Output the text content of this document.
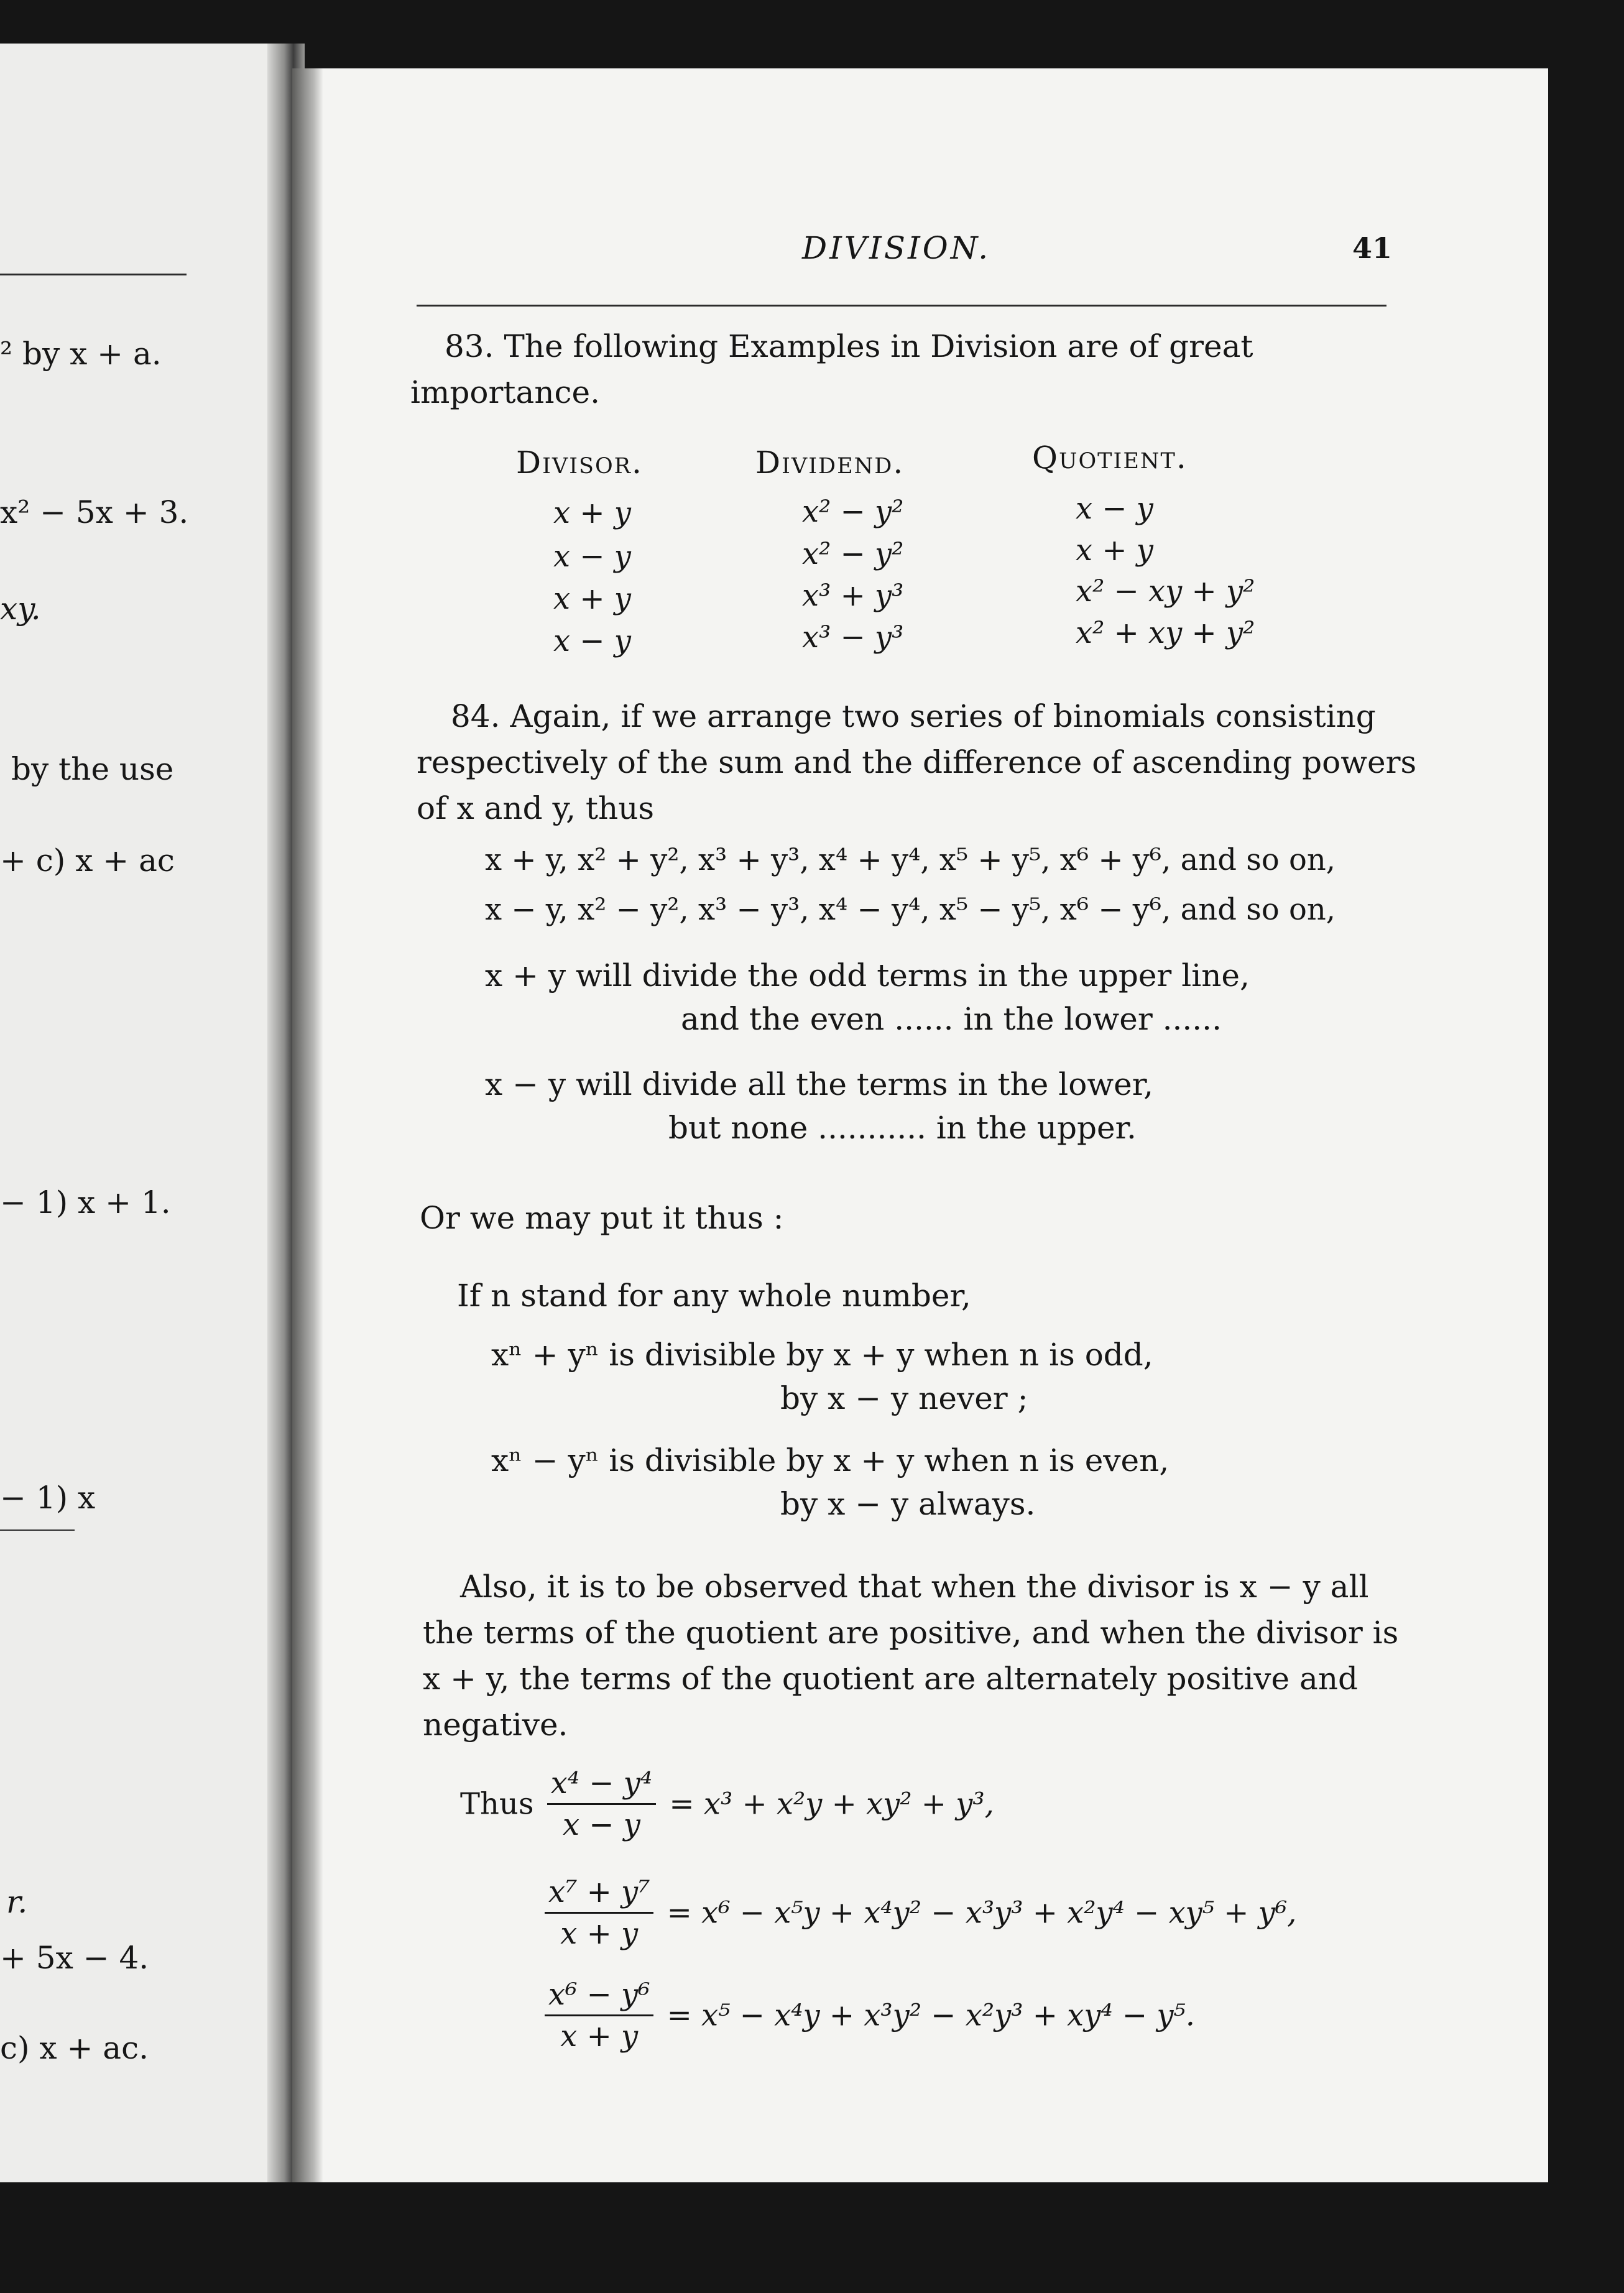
² by x + a.
x² − 5x + 3.
xy.
by the use
+ c) x + ac
− 1) x + 1.
− 1) x
r.
+ 5x − 4.
c) x + ac.
DIVISION.	41
83. The following Examples in Division are of great
importance.
Divisor.	Dividend.	Quotient.
x + y	x² − y²	x − y
x − y	x² − y²	x + y
x + y	x³ + y³	x² − xy + y²
x − y	x³ − y³	x² + xy + y²
84. Again, if we arrange two series of binomials consisting
respectively of the sum and the difference of ascending powers
of x and y, thus
x + y, x² + y², x³ + y³, x⁴ + y⁴, x⁵ + y⁵, x⁶ + y⁶, and so on,
x − y, x² − y², x³ − y³, x⁴ − y⁴, x⁵ − y⁵, x⁶ − y⁶, and so on,
x + y will divide the odd terms in the upper line,
and the even ...... in the lower ......
x − y will divide all the terms in the lower,
but none ........... in the upper.
Or we may put it thus :
If n stand for any whole number,
xⁿ + yⁿ is divisible by x + y when n is odd,
by x − y never ;
xⁿ − yⁿ is divisible by x + y when n is even,
by x − y always.
Also, it is to be observed that when the divisor is x − y all
the terms of the quotient are positive, and when the divisor is
x + y, the terms of the quotient are alternately positive and
negative.
Thus $\frac{\text{x⁴ − y⁴}}{x - y} = x^3 + x^2y + xy^2 + y^3$,
$\frac{\text{x⁷ + y⁷}}{x + y} = x^6 - x^5y + x^4y^2 - x^3y^3 + x^2y^4 - xy^5 + y^6$,
$\frac{\text{x⁶ − y⁶}}{x + y} = x^5 - x^4y + x^3y^2 - x^2y^3 + xy^4 - y^5$.
